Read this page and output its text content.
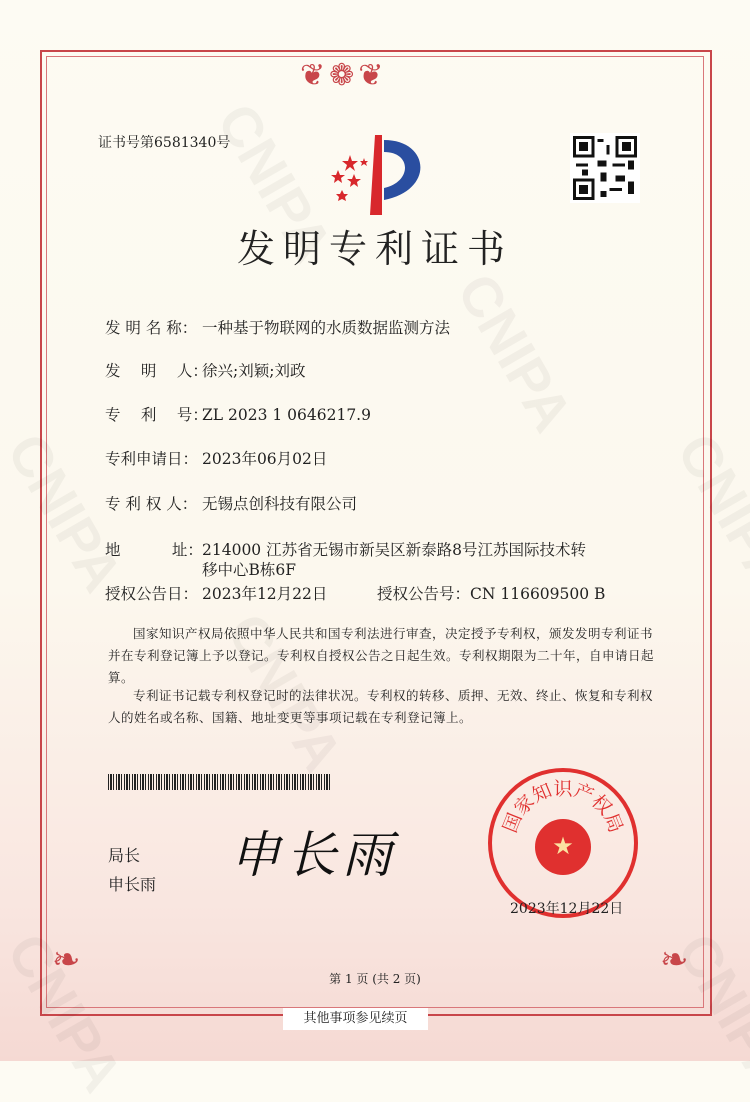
❦❁❦
❧	❧
证书号第6581340号
发明专利证书
发 明 名 称： 一种基于物联网的水质数据监测方法
发　 明　 人：徐兴;刘颖;刘政
专　 利　 号：ZL 2023 1 0646217.9
专利申请日： 2023年06月02日
专 利 权 人： 无锡点创科技有限公司
地　　　 址：214000 江苏省无锡市新吴区新泰路8号江苏国际技术转
移中心B栋6F
授权公告日： 2023年12月22日	授权公告号：CN 116609500 B
国家知识产权局依照中华人民共和国专利法进行审查，决定授予专利权，颁发发明专利证书并在专利登记簿上予以登记。专利权自授权公告之日起生效。专利权期限为二十年，自申请日起算。
专利证书记载专利权登记时的法律状况。专利权的转移、质押、无效、终止、恢复和专利权人的姓名或名称、国籍、地址变更等事项记载在专利登记簿上。
局长
申长雨
申长雨	★
国家知识产权局
2023年12月22日
第 1 页 (共 2 页)
其他事项参见续页
